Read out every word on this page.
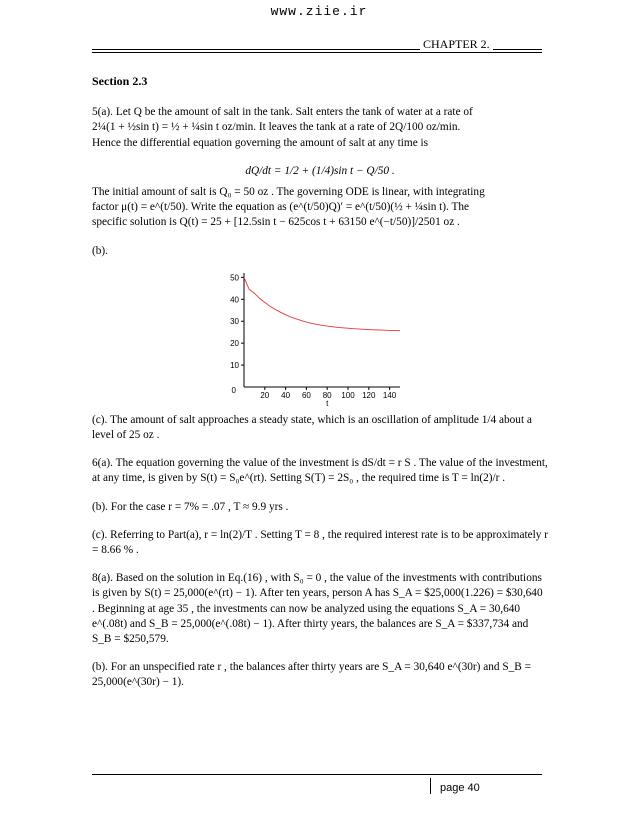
www.ziie.ir
CHAPTER 2.

Section 2.3

5(a). Let Q be the amount of salt in the tank. Salt enters the tank of water at a rate of
2¼(1 + ½sin t) = ½ + ¼sin t oz/min. It leaves the tank at a rate of 2Q/100 oz/min.
Hence the differential equation governing the amount of salt at any time is

dQ/dt = 1/2 + (1/4)sin t − Q/50 .

The initial amount of salt is Q₀ = 50 oz . The governing ODE is linear, with integrating
factor μ(t) = e^(t/50). Write the equation as (e^(t/50)Q)′ = e^(t/50)(½ + ¼sin t). The
specific solution is Q(t) = 25 + [12.5sin t − 625cos t + 63150 e^(−t/50)]/2501 oz .

(b).

10
20
30
40
50
20 40 60 80 100 120 140
0
t

(c). The amount of salt approaches a steady state, which is an oscillation of amplitude 1/4 about a level of 25 oz .

6(a). The equation governing the value of the investment is dS/dt = r S . The value of the investment, at any time, is given by S(t) = S₀e^(rt). Setting S(T) = 2S₀ , the required time is T = ln(2)/r .

(b). For the case r = 7% = .07 , T ≈ 9.9 yrs .

(c). Referring to Part(a), r = ln(2)/T . Setting T = 8 , the required interest rate is to be approximately r = 8.66 % .

8(a). Based on the solution in Eq.(16) , with S₀ = 0 , the value of the investments with contributions is given by S(t) = 25,000(e^(rt) − 1). After ten years, person A has S_A = $25,000(1.226) = $30,640 . Beginning at age 35 , the investments can now be analyzed using the equations S_A = 30,640 e^(.08t) and S_B = 25,000(e^(.08t) − 1). After thirty years, the balances are S_A = $337,734 and S_B = $250,579.

(b). For an unspecified rate r , the balances after thirty years are S_A = 30,640 e^(30r) and S_B = 25,000(e^(30r) − 1).

page 40
